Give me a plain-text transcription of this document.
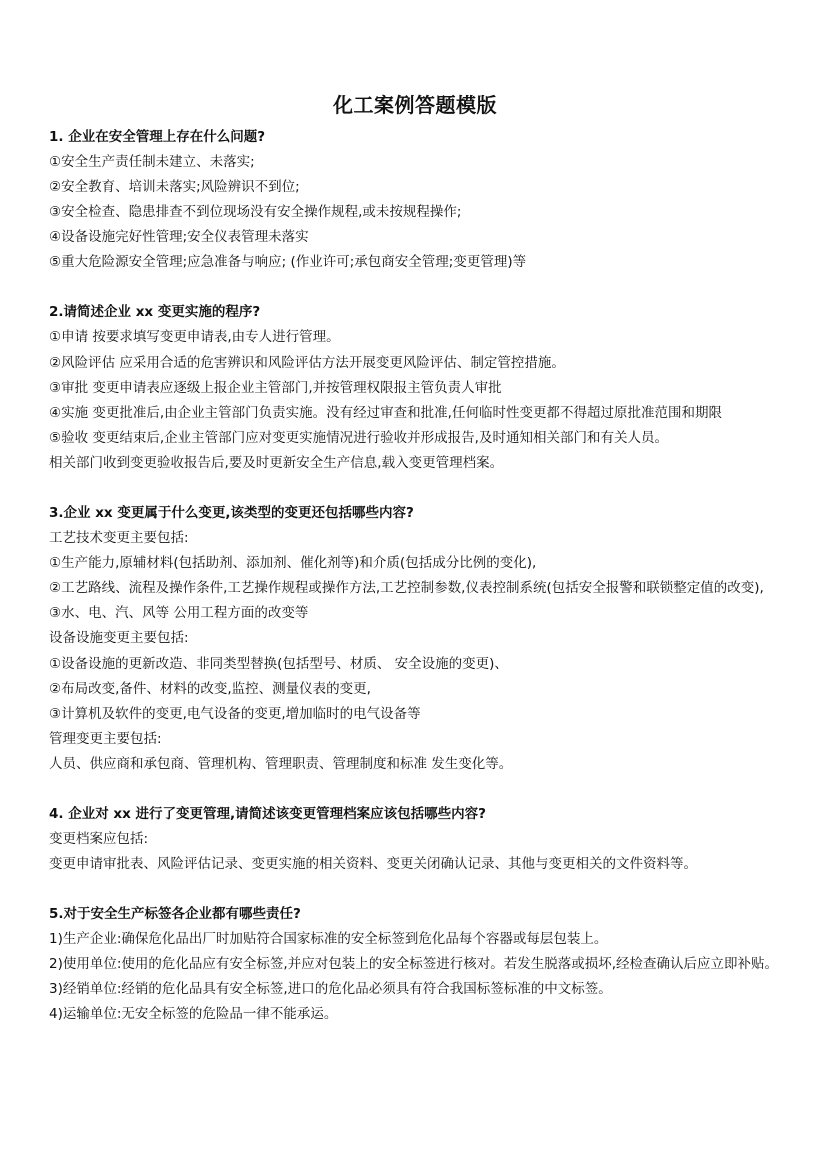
化工案例答题模版

1. 企业在安全管理上存在什么问题?

①安全生产责任制未建立、未落实;

②安全教育、培训未落实;风险辨识不到位;

③安全检查、隐患排查不到位现场没有安全操作规程,或未按规程操作;

④设备设施完好性管理;安全仪表管理未落实

⑤重大危险源安全管理;应急准备与响应; (作业许可;承包商安全管理;变更管理)等

2.请简述企业 xx 变更实施的程序?

①申请 按要求填写变更申请表,由专人进行管理。

②风险评估 应采用合适的危害辨识和风险评估方法开展变更风险评估、制定管控措施。

③审批 变更申请表应逐级上报企业主管部门,并按管理权限报主管负责人审批

④实施 变更批准后,由企业主管部门负责实施。没有经过审查和批准,任何临时性变更都不得超过原批准范围和期限

⑤验收 变更结束后,企业主管部门应对变更实施情况进行验收并形成报告,及时通知相关部门和有关人员。

相关部门收到变更验收报告后,要及时更新安全生产信息,载入变更管理档案。

3.企业 xx 变更属于什么变更,该类型的变更还包括哪些内容?

工艺技术变更主要包括:

①生产能力,原辅材料(包括助剂、添加剂、催化剂等)和介质(包括成分比例的变化),

②工艺路线、流程及操作条件,工艺操作规程或操作方法,工艺控制参数,仪表控制系统(包括安全报警和联锁整定值的改变),

③水、电、汽、风等 公用工程方面的改变等

设备设施变更主要包括:

①设备设施的更新改造、非同类型替换(包括型号、材质、 安全设施的变更)、

②布局改变,备件、材料的改变,监控、测量仪表的变更,

③计算机及软件的变更,电气设备的变更,增加临时的电气设备等

管理变更主要包括:

人员、供应商和承包商、管理机构、管理职责、管理制度和标准 发生变化等。

4. 企业对 xx 进行了变更管理,请简述该变更管理档案应该包括哪些内容?

变更档案应包括:

变更申请审批表、风险评估记录、变更实施的相关资料、变更关闭确认记录、其他与变更相关的文件资料等。

5.对于安全生产标签各企业都有哪些责任?

1)生产企业:确保危化品出厂时加贴符合国家标准的安全标签到危化品每个容器或每层包装上。

2)使用单位:使用的危化品应有安全标签,并应对包装上的安全标签进行核对。若发生脱落或损坏,经检查确认后应立即补贴。

3)经销单位:经销的危化品具有安全标签,进口的危化品必须具有符合我国标签标准的中文标签。

4)运输单位:无安全标签的危险品一律不能承运。
